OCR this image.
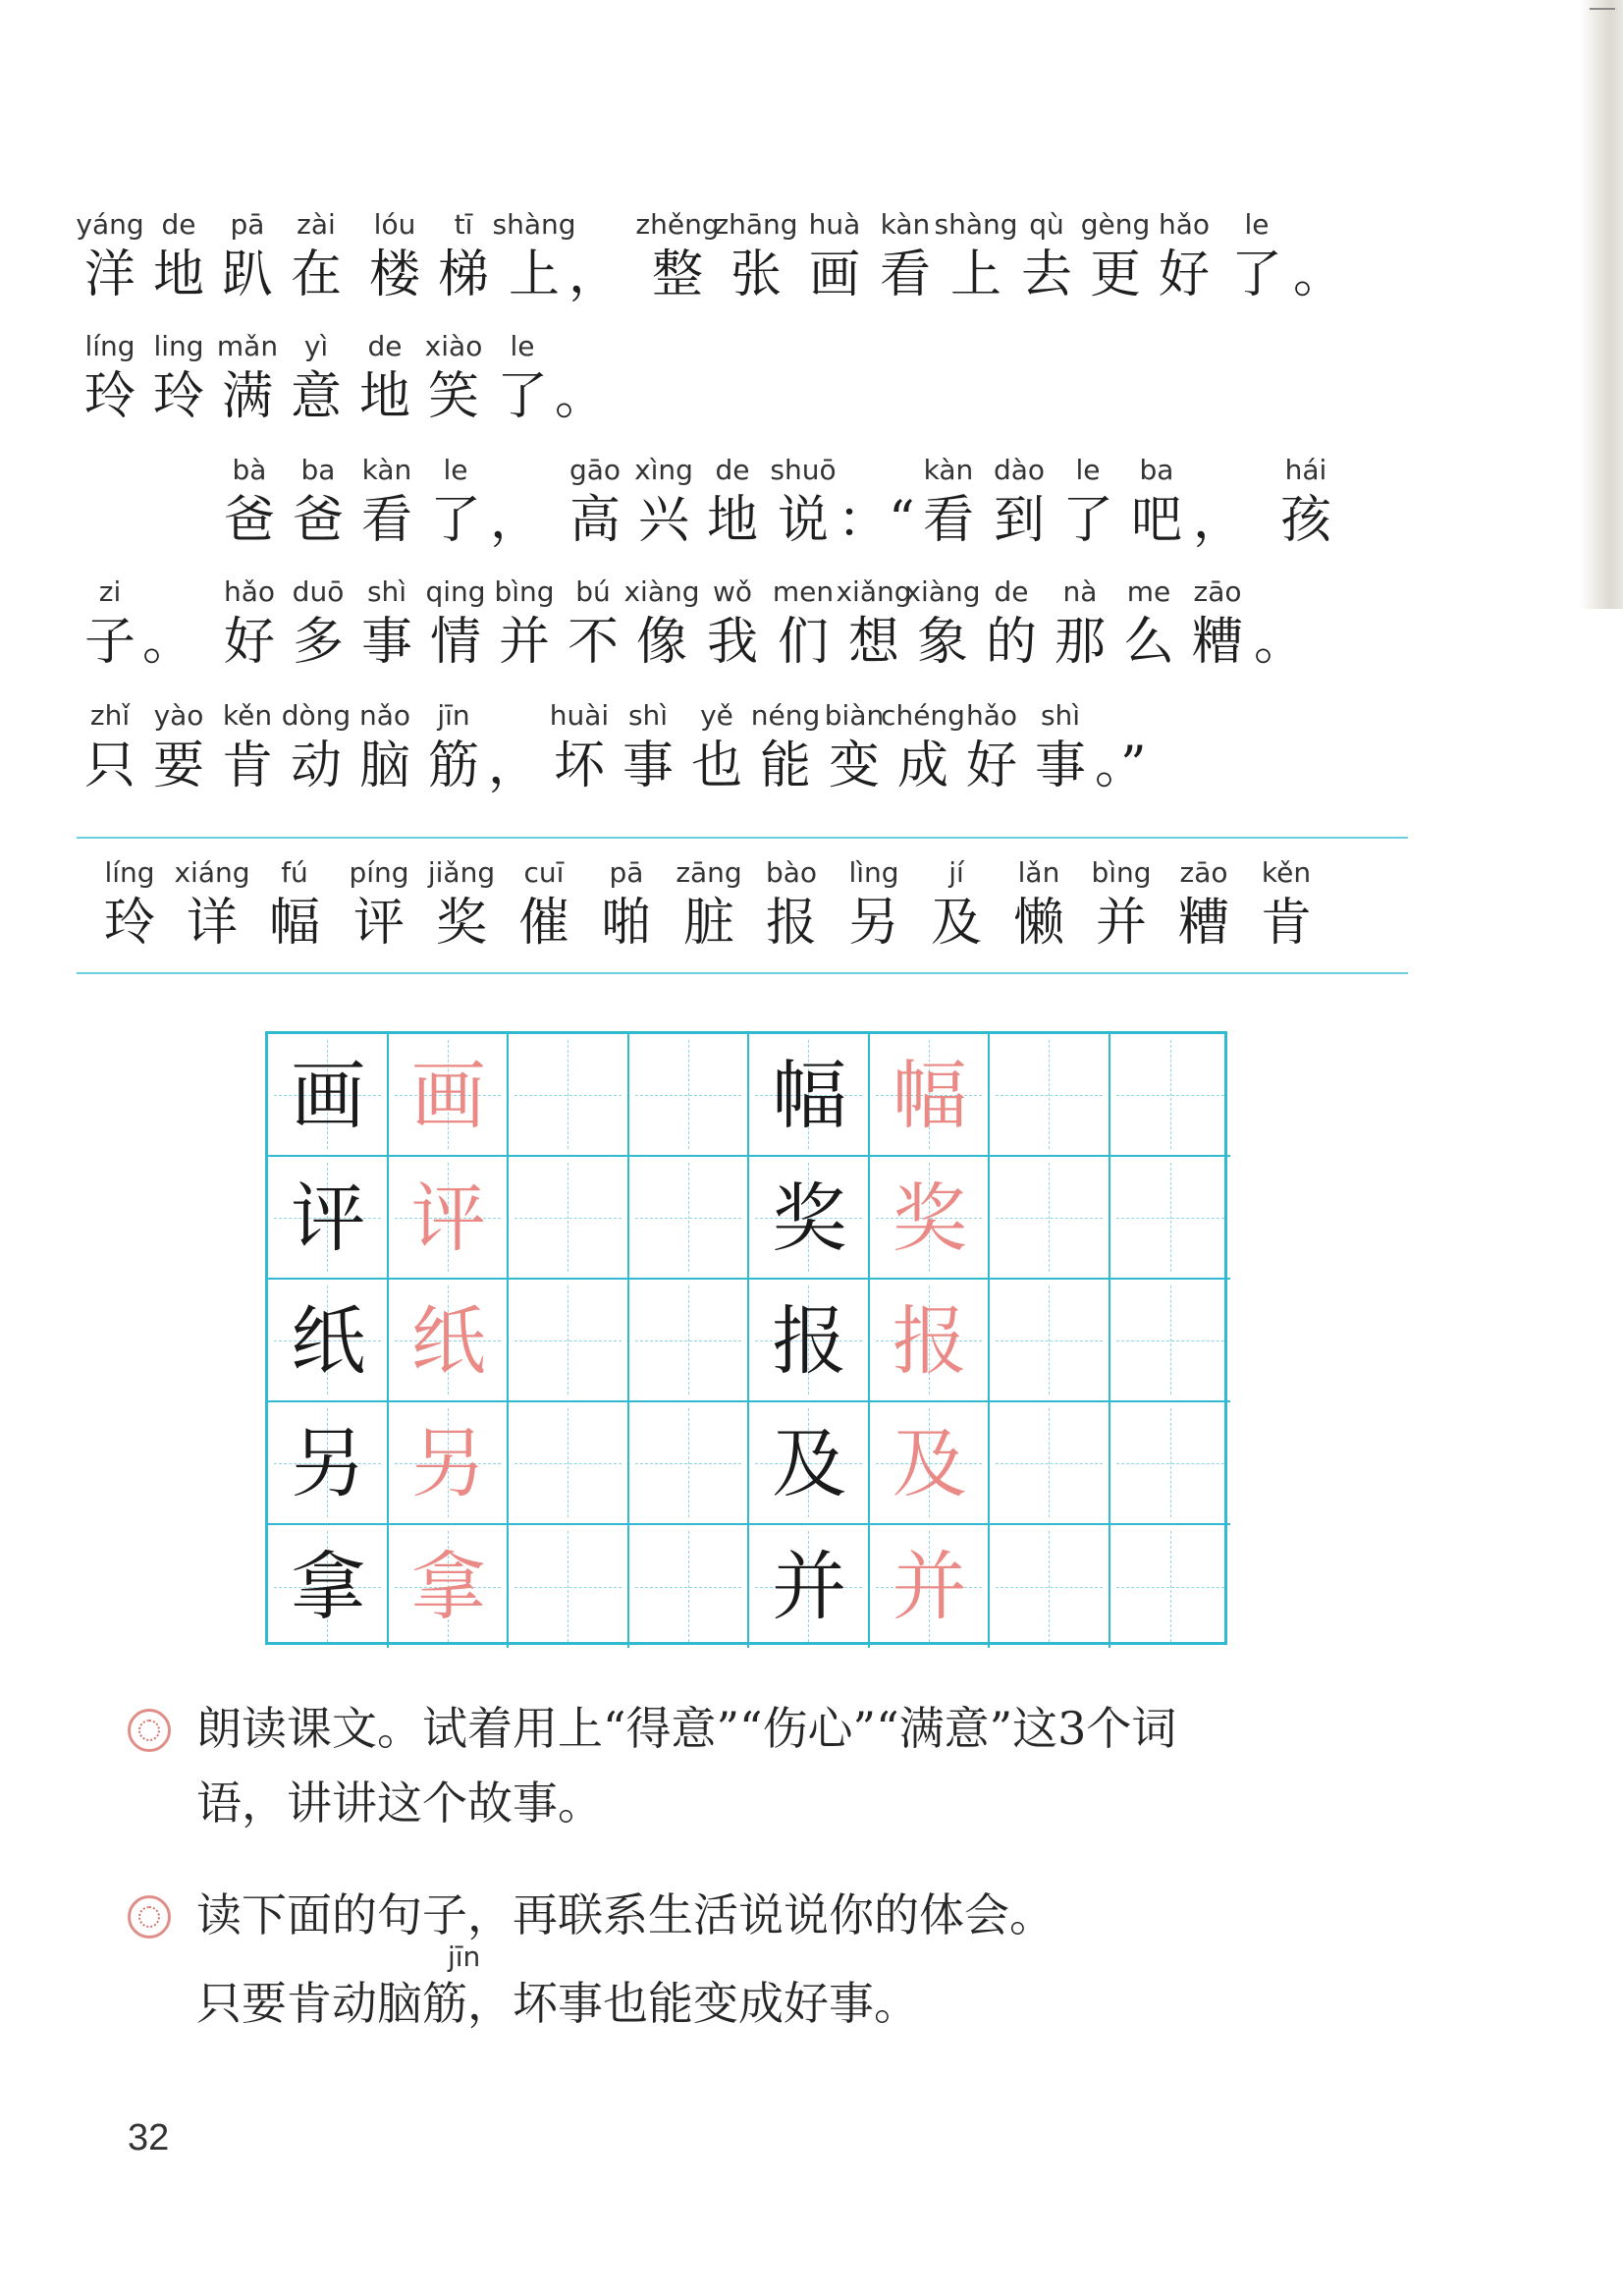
yáng
洋
de
地
pā
趴
zài
在
lóu
楼
tī
梯
shàng
上 ，
zhěng
整
zhāng
张
huà
画
kàn
看
shàng
上
qù
去
gèng
更
hǎo
好
le
了 。
líng
玲
ling
玲
mǎn
满
yì
意
de
地
xiào
笑
le
了 。
bà
爸
ba
爸
kàn
看
le
了 ，
gāo
高
xìng
兴
de
地
shuō
说 ：“
kàn
看
dào
到
le
了
ba
吧 ，
hái
孩
zi
子 。
hǎo
好
duō
多
shì
事
qing
情
bìng
并
bú
不
xiàng
像
wǒ
我
men
们
xiǎng
想
xiàng
象
de
的
nà
那
me
么
zāo
糟 。
zhǐ
只
yào
要
kěn
肯
dòng
动
nǎo
脑
jīn
筋 ，
huài
坏
shì
事
yě
也
néng
能
biàn
变
chéng
成
hǎo
好
shì
事 。”
líng
玲
xiáng
详
fú
幅
píng
评
jiǎng
奖
cuī
催
pā
啪
zāng
脏
bào
报
lìng
另
jí
及
lǎn
懒
bìng
并
zāo
糟
kěn
肯
画 画	幅 幅
评 评	奖 奖
纸 纸	报 报
另 另	及 及
拿 拿	并 并
朗读课文。试着用上“得意”“伤心”“满意”这3个词
语，讲讲这个故事。
读下面的句子，再联系生活说说你的体会。
jīn
只要肯动脑筋，坏事也能变成好事。
32
